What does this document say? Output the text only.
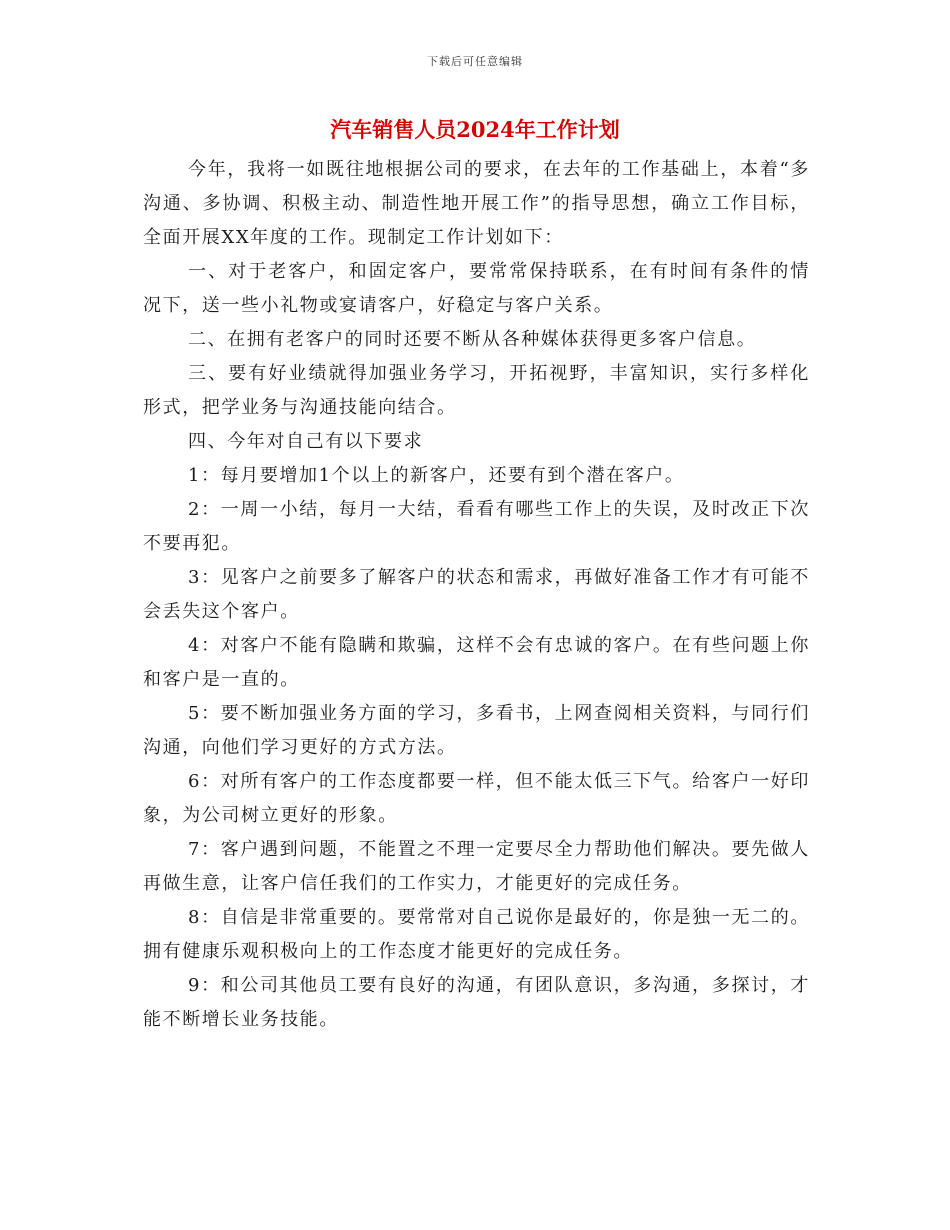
下载后可任意编辑
汽车销售人员2024年工作计划

今年，我将一如既往地根据公司的要求，在去年的工作基础上，本着“多沟通、多协调、积极主动、制造性地开展工作”的指导思想，确立工作目标，全面开展XX年度的工作。现制定工作计划如下：

一、对于老客户，和固定客户，要常常保持联系，在有时间有条件的情况下，送一些小礼物或宴请客户，好稳定与客户关系。

二、在拥有老客户的同时还要不断从各种媒体获得更多客户信息。

三、要有好业绩就得加强业务学习，开拓视野，丰富知识，实行多样化形式，把学业务与沟通技能向结合。

四、今年对自己有以下要求

1：每月要增加1个以上的新客户，还要有到个潜在客户。

2：一周一小结，每月一大结，看看有哪些工作上的失误，及时改正下次不要再犯。

3：见客户之前要多了解客户的状态和需求，再做好准备工作才有可能不会丢失这个客户。

4：对客户不能有隐瞒和欺骗，这样不会有忠诚的客户。在有些问题上你和客户是一直的。

5：要不断加强业务方面的学习，多看书，上网查阅相关资料，与同行们沟通，向他们学习更好的方式方法。

6：对所有客户的工作态度都要一样，但不能太低三下气。给客户一好印象，为公司树立更好的形象。

7：客户遇到问题，不能置之不理一定要尽全力帮助他们解决。要先做人再做生意，让客户信任我们的工作实力，才能更好的完成任务。

8：自信是非常重要的。要常常对自己说你是最好的，你是独一无二的。拥有健康乐观积极向上的工作态度才能更好的完成任务。

9：和公司其他员工要有良好的沟通，有团队意识，多沟通，多探讨，才能不断增长业务技能。
